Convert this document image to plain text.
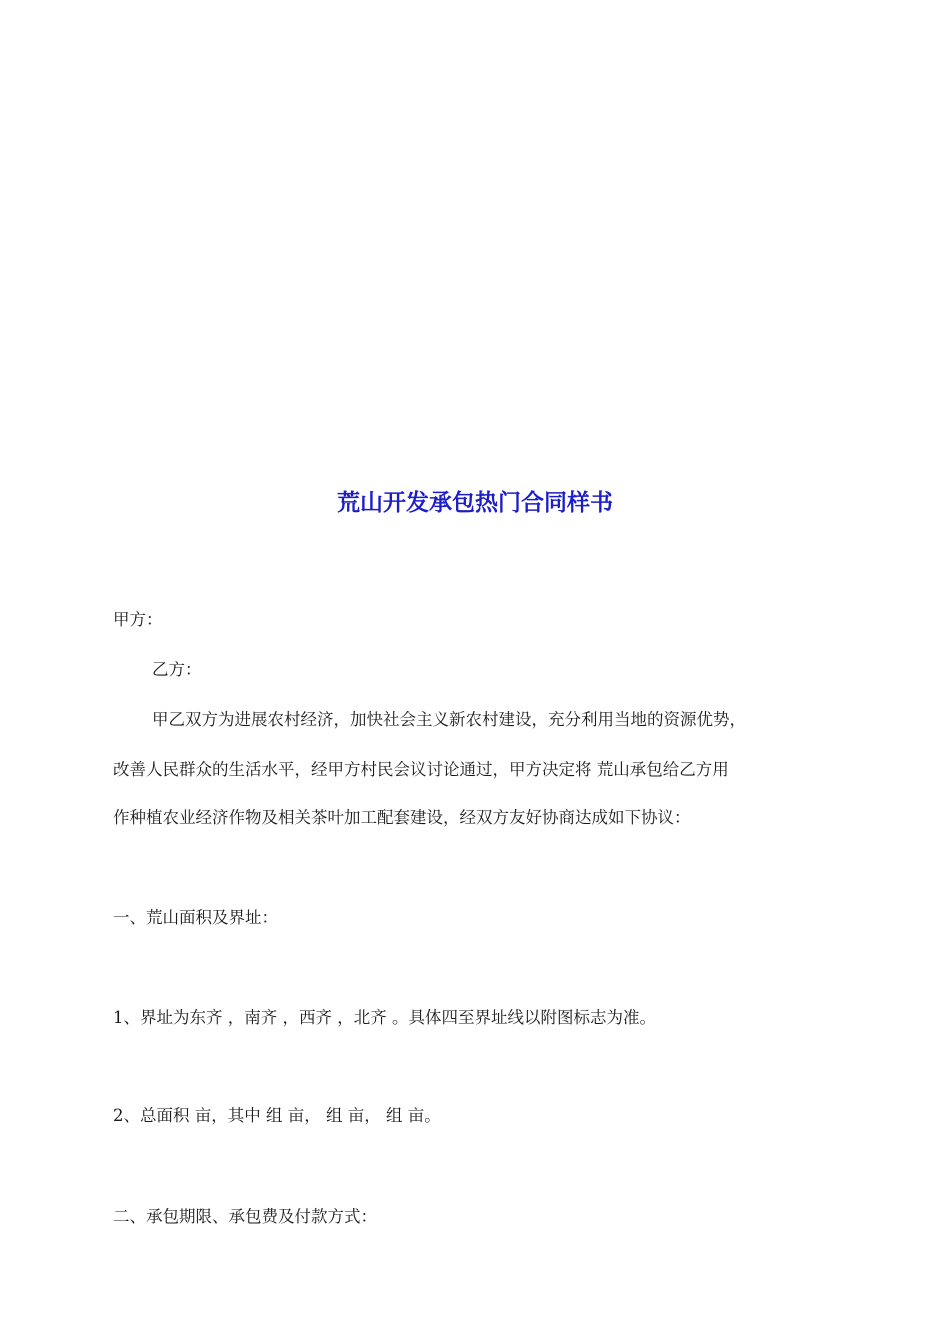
荒山开发承包热门合同样书
甲方：
乙方：
甲乙双方为进展农村经济，加快社会主义新农村建设，充分利用当地的资源优势，
改善人民群众的生活水平，经甲方村民会议讨论通过，甲方决定将 荒山承包给乙方用
作种植农业经济作物及相关茶叶加工配套建设，经双方友好协商达成如下协议：
一、荒山面积及界址：
1、界址为东齐 ，南齐 ，西齐 ，北齐 。具体四至界址线以附图标志为准。
2、总面积 亩，其中 组 亩， 组 亩， 组 亩。
二、承包期限、承包费及付款方式：
